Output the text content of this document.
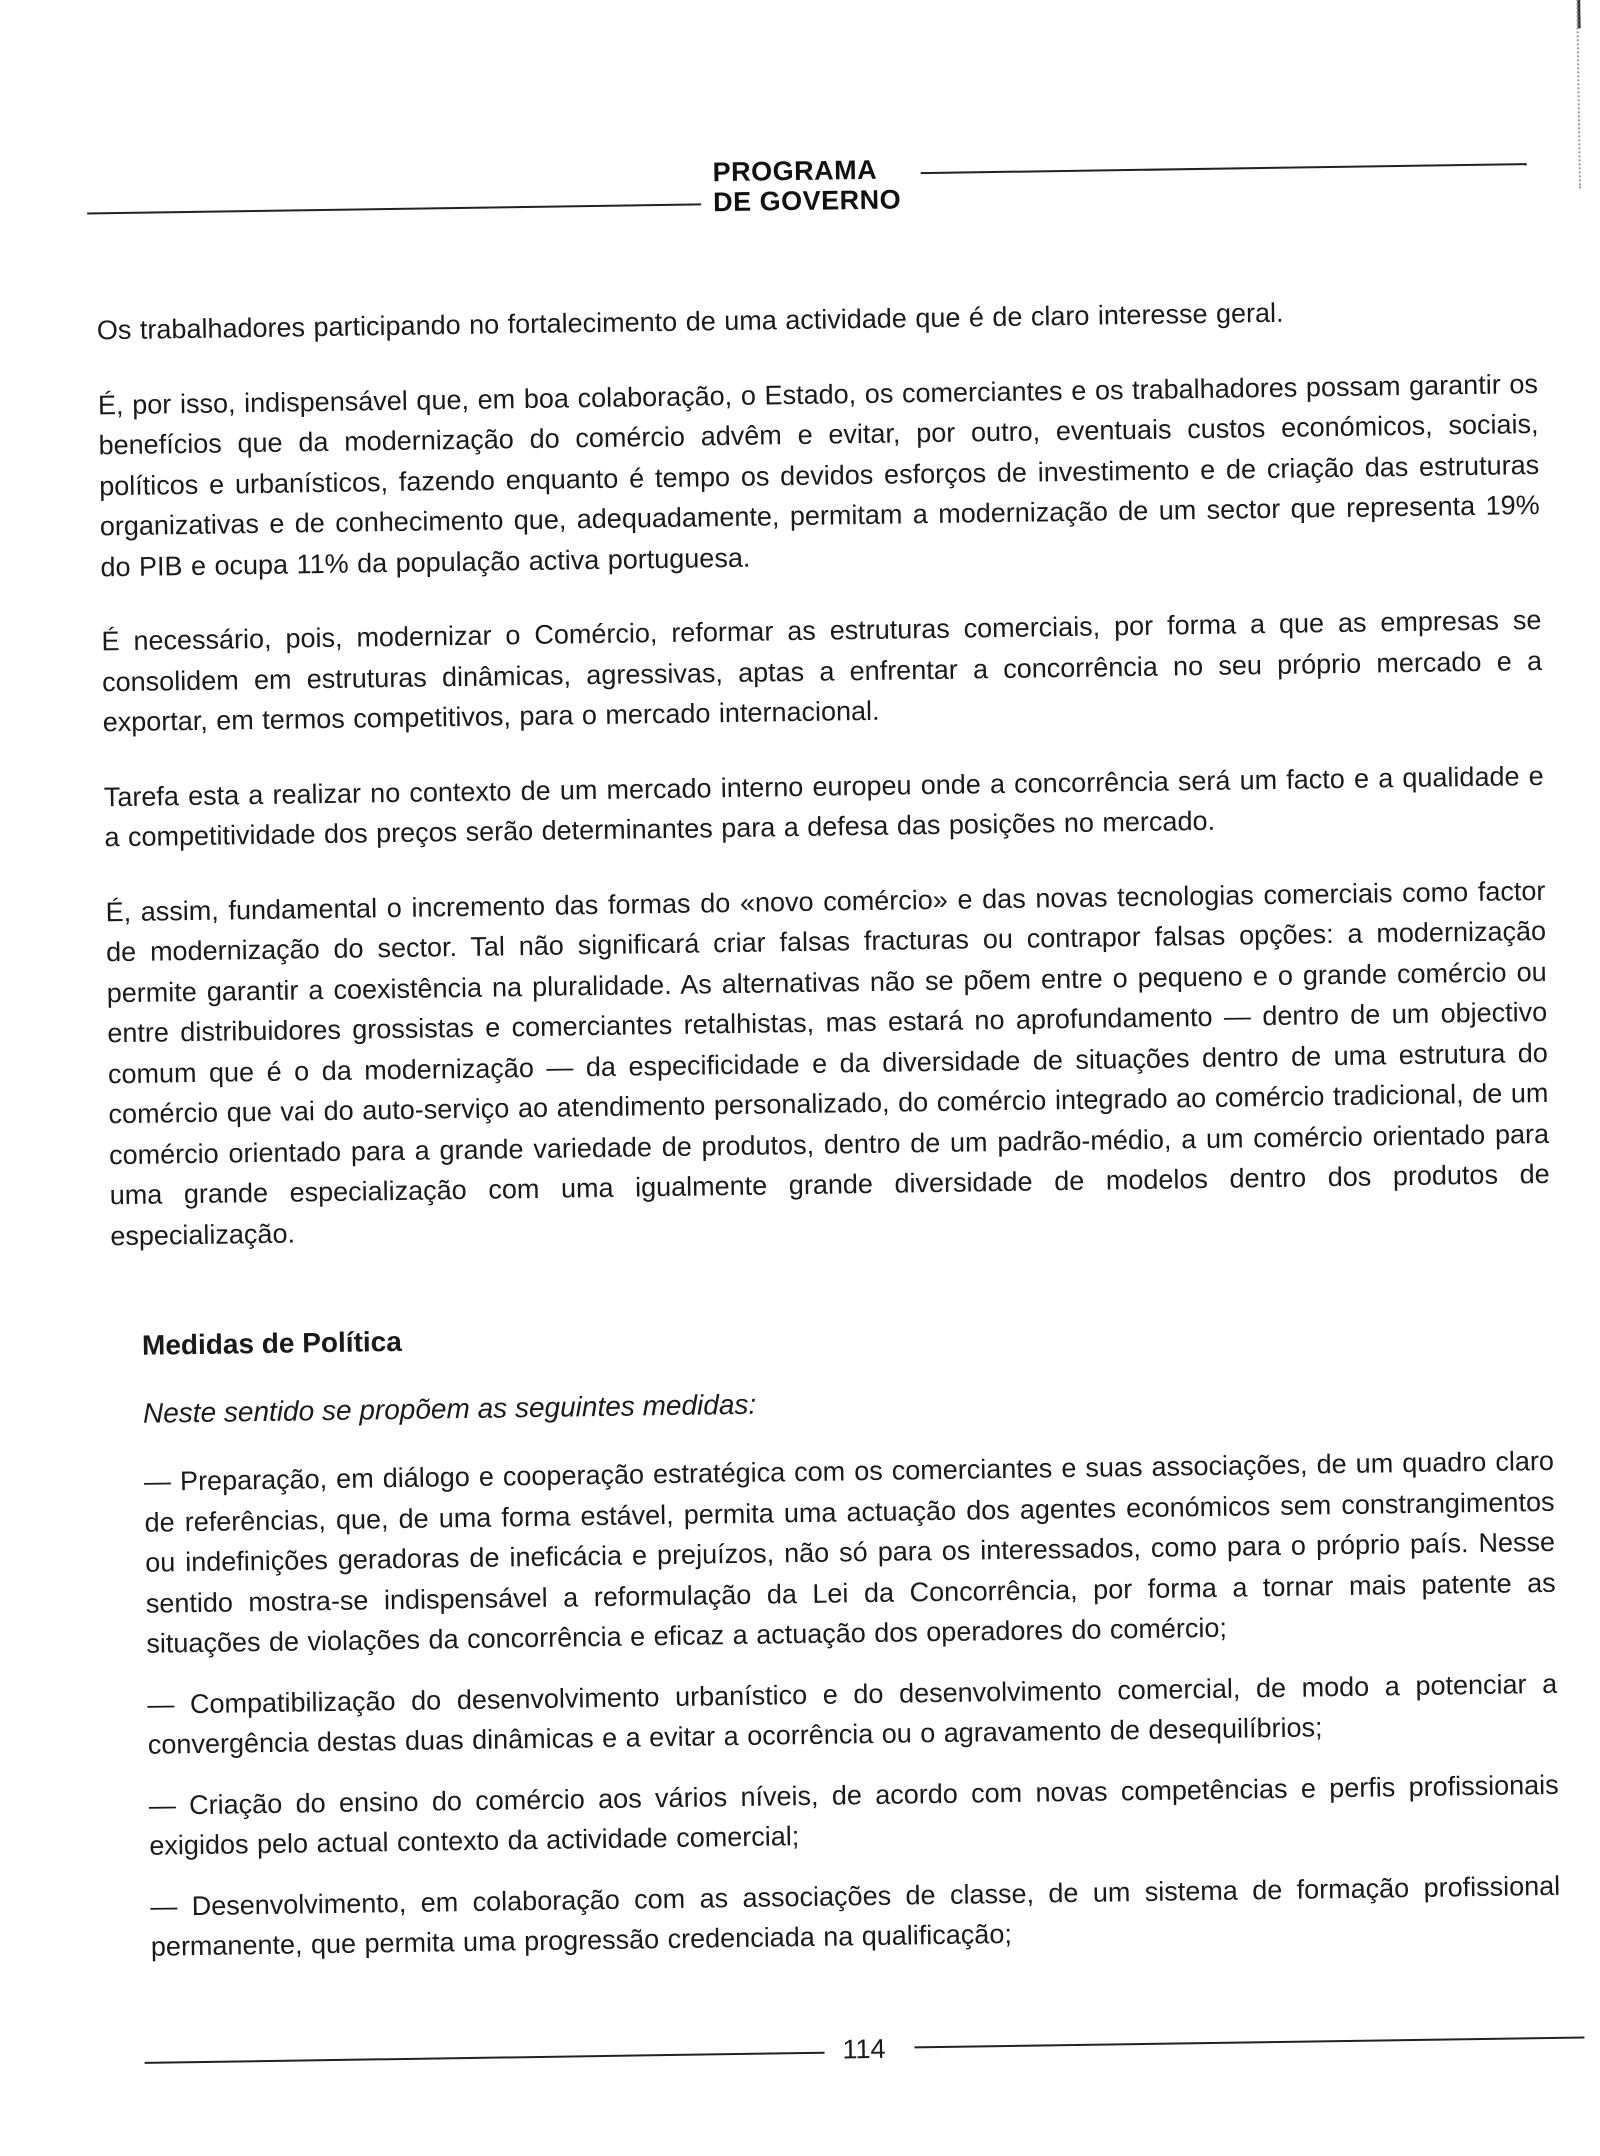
PROGRAMA
DE GOVERNO

Os trabalhadores participando no fortalecimento de uma actividade que é de claro interesse geral.

É, por isso, indispensável que, em boa colaboração, o Estado, os comerciantes e os trabalhadores possam garantir os benefícios que da modernização do comércio advêm e evitar, por outro, eventuais custos económicos, sociais, políticos e urbanísticos, fazendo enquanto é tempo os devidos esforços de investimento e de criação das estruturas organizativas e de conhecimento que, adequadamente, permitam a modernização de um sector que representa 19% do PIB e ocupa 11% da população activa portuguesa.

É necessário, pois, modernizar o Comércio, reformar as estruturas comerciais, por forma a que as empresas se consolidem em estruturas dinâmicas, agressivas, aptas a enfrentar a concorrência no seu próprio mercado e a exportar, em termos competitivos, para o mercado internacional.

Tarefa esta a realizar no contexto de um mercado interno europeu onde a concorrência será um facto e a qualidade e a competitividade dos preços serão determinantes para a defesa das posições no mercado.

É, assim, fundamental o incremento das formas do «novo comércio» e das novas tecnologias comerciais como factor de modernização do sector. Tal não significará criar falsas fracturas ou contrapor falsas opções: a modernização permite garantir a coexistência na pluralidade. As alternativas não se põem entre o pequeno e o grande comércio ou entre distribuidores grossistas e comerciantes retalhistas, mas estará no aprofundamento — dentro de um objectivo comum que é o da modernização — da especificidade e da diversidade de situações dentro de uma estrutura do comércio que vai do auto-serviço ao atendimento personalizado, do comércio integrado ao comércio tradicional, de um comércio orientado para a grande variedade de produtos, dentro de um padrão-médio, a um comércio orientado para uma grande especialização com uma igualmente grande diversidade de modelos dentro dos produtos de especialização.

Medidas de Política

Neste sentido se propõem as seguintes medidas:

— Preparação, em diálogo e cooperação estratégica com os comerciantes e suas associações, de um quadro claro de referências, que, de uma forma estável, permita uma actuação dos agentes económicos sem constrangimentos ou indefinições geradoras de ineficácia e prejuízos, não só para os interessados, como para o próprio país. Nesse sentido mostra-se indispensável a reformulação da Lei da Concorrência, por forma a tornar mais patente as situações de violações da concorrência e eficaz a actuação dos operadores do comércio;
— Compatibilização do desenvolvimento urbanístico e do desenvolvimento comercial, de modo a potenciar a convergência destas duas dinâmicas e a evitar a ocorrência ou o agravamento de desequilíbrios;
— Criação do ensino do comércio aos vários níveis, de acordo com novas competências e perfis profissionais exigidos pelo actual contexto da actividade comercial;
— Desenvolvimento, em colaboração com as associações de classe, de um sistema de formação profissional permanente, que permita uma progressão credenciada na qualificação;
114
